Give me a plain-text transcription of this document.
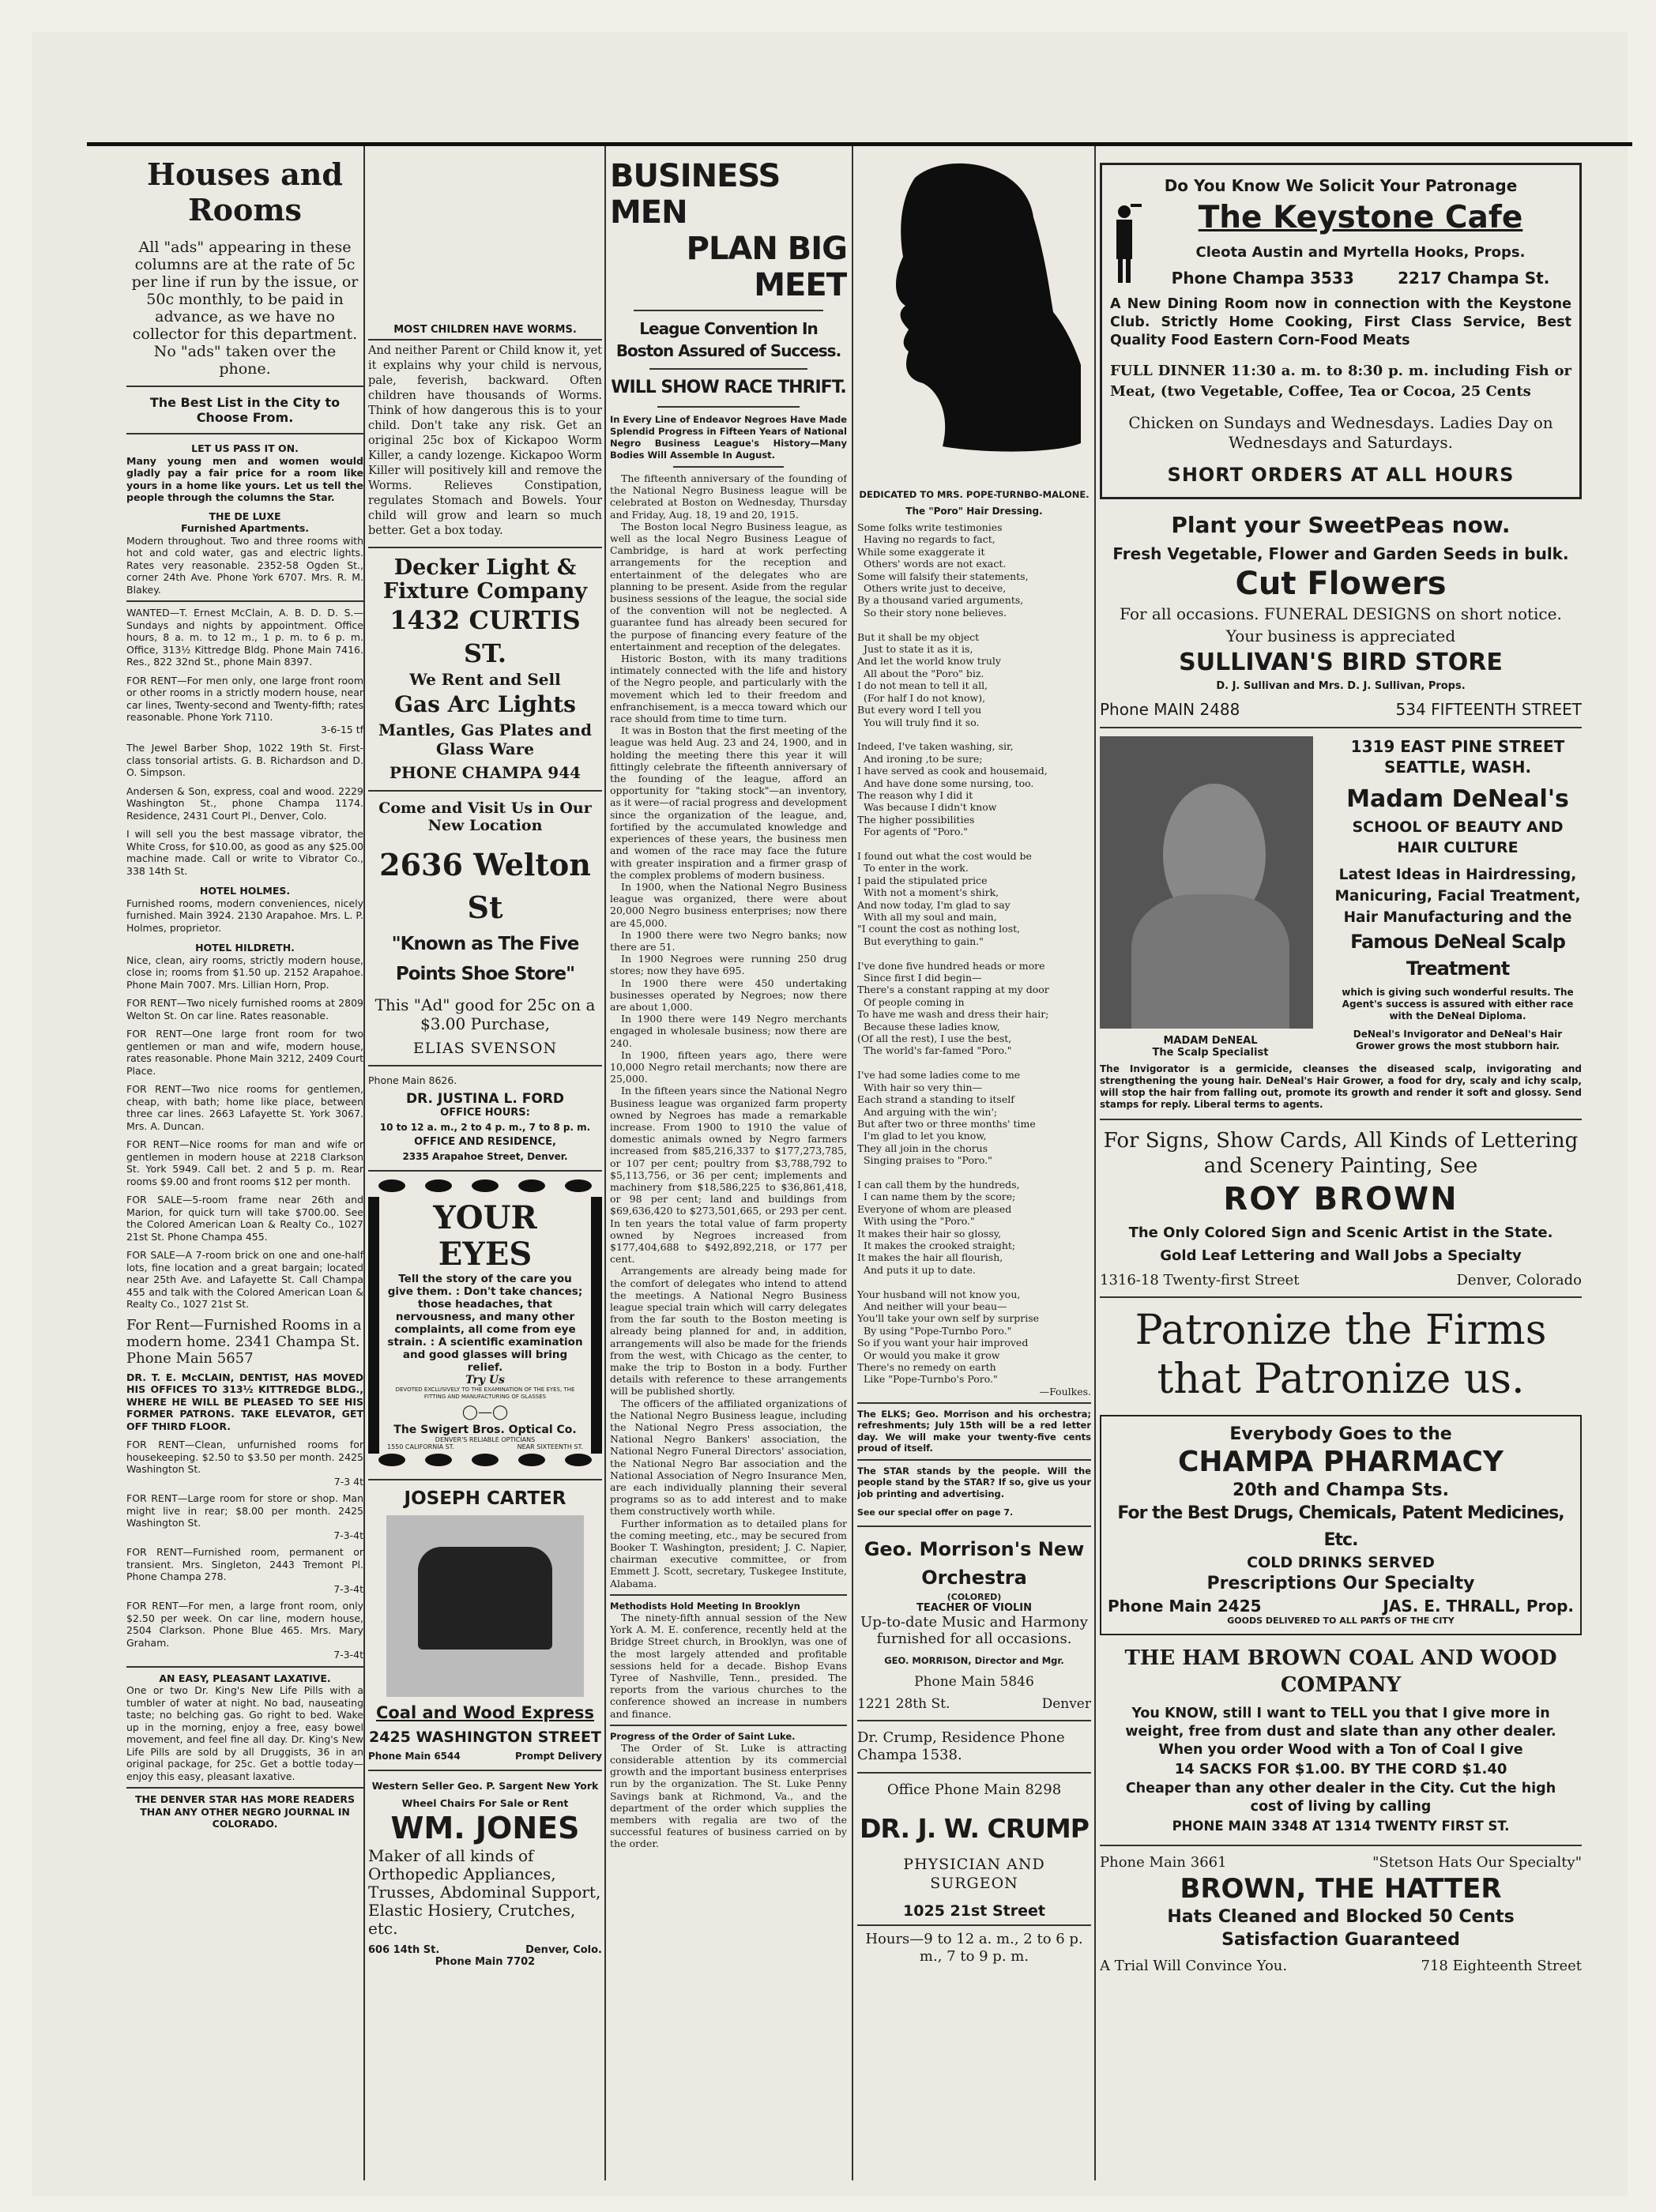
Houses and Rooms
All "ads" appearing in these columns are at the rate of 5c per line if run by the issue, or 50c monthly, to be paid in advance, as we have no collector for this department. No "ads" taken over the phone.
The Best List in the City to Choose From.
LET US PASS IT ON.

Many young men and women would gladly pay a fair price for a room like yours in a home like yours. Let us tell the people through the columns the Star.

THE DE LUXE
Furnished Apartments.
Modern throughout. Two and three rooms with hot and cold water, gas and electric lights. Rates very reasonable. 2352-58 Ogden St., corner 24th Ave. Phone York 6707. Mrs. R. M. Blakey.
WANTED—T. Ernest McClain, A. B. D. D. S.—Sundays and nights by appointment. Office hours, 8 a. m. to 12 m., 1 p. m. to 6 p. m. Office, 313½ Kittredge Bldg. Phone Main 7416. Res., 822 32nd St., phone Main 8397.
FOR RENT—For men only, one large front room or other rooms in a strictly modern house, near car lines, Twenty-second and Twenty-fifth; rates reasonable. Phone York 7110.
3-6-15 tf
The Jewel Barber Shop, 1022 19th St. First-class tonsorial artists. G. B. Richardson and D. O. Simpson.
Andersen & Son, express, coal and wood. 2229 Washington St., phone Champa 1174. Residence, 2431 Court Pl., Denver, Colo.
I will sell you the best massage vibrator, the White Cross, for $10.00, as good as any $25.00 machine made. Call or write to Vibrator Co., 338 14th St.
HOTEL HOLMES.
Furnished rooms, modern conveniences, nicely furnished. Main 3924. 2130 Arapahoe. Mrs. L. P. Holmes, proprietor.
HOTEL HILDRETH.
Nice, clean, airy rooms, strictly modern house, close in; rooms from $1.50 up. 2152 Arapahoe. Phone Main 7007. Mrs. Lillian Horn, Prop.
FOR RENT—Two nicely furnished rooms at 2809 Welton St. On car line. Rates reasonable.
FOR RENT—One large front room for two gentlemen or man and wife, modern house, rates reasonable. Phone Main 3212, 2409 Court Place.
FOR RENT—Two nice rooms for gentlemen, cheap, with bath; home like place, between three car lines. 2663 Lafayette St. York 3067. Mrs. A. Duncan.
FOR RENT—Nice rooms for man and wife or gentlemen in modern house at 2218 Clarkson St. York 5949. Call bet. 2 and 5 p. m. Rear rooms $9.00 and front rooms $12 per month.
FOR SALE—5-room frame near 26th and Marion, for quick turn will take $700.00. See the Colored American Loan & Realty Co., 1027 21st St. Phone Champa 455.
FOR SALE—A 7-room brick on one and one-half lots, fine location and a great bargain; located near 25th Ave. and Lafayette St. Call Champa 455 and talk with the Colored American Loan & Realty Co., 1027 21st St.
For Rent—Furnished Rooms in a modern home. 2341 Champa St. Phone Main 5657
DR. T. E. McCLAIN, DENTIST, HAS MOVED HIS OFFICES TO 313½ KITTREDGE BLDG., WHERE HE WILL BE PLEASED TO SEE HIS FORMER PATRONS. TAKE ELEVATOR, GET OFF THIRD FLOOR.
FOR RENT—Clean, unfurnished rooms for housekeeping. $2.50 to $3.50 per month. 2425 Washington St.
7-3 4t
FOR RENT—Large room for store or shop. Man might live in rear; $8.00 per month. 2425 Washington St.
7-3-4t
FOR RENT—Furnished room, permanent or transient. Mrs. Singleton, 2443 Tremont Pl. Phone Champa 278.
7-3-4t
FOR RENT—For men, a large front room, only $2.50 per week. On car line, modern house, 2504 Clarkson. Phone Blue 465. Mrs. Mary Graham.
7-3-4t
AN EASY, PLEASANT LAXATIVE.
One or two Dr. King's New Life Pills with a tumbler of water at night. No bad, nauseating taste; no belching gas. Go right to bed. Wake up in the morning, enjoy a free, easy bowel movement, and feel fine all day. Dr. King's New Life Pills are sold by all Druggists, 36 in an original package, for 25c. Get a bottle today—enjoy this easy, pleasant laxative.
THE DENVER STAR HAS MORE READERS THAN ANY OTHER NEGRO JOURNAL IN COLORADO.
MOST CHILDREN HAVE WORMS.
And neither Parent or Child know it, yet it explains why your child is nervous, pale, feverish, backward. Often children have thousands of Worms. Think of how dangerous this is to your child. Don't take any risk. Get an original 25c box of Kickapoo Worm Killer, a candy lozenge. Kickapoo Worm Killer will positively kill and remove the Worms. Relieves Constipation, regulates Stomach and Bowels. Your child will grow and learn so much better. Get a box today.
Decker Light & Fixture Company
1432 CURTIS ST.
We Rent and Sell
Gas Arc Lights
Mantles, Gas Plates and Glass Ware
PHONE CHAMPA 944
Come and Visit Us in Our New Location
2636 Welton St
"Known as The Five Points Shoe Store"
This "Ad" good for 25c on a $3.00 Purchase,
ELIAS SVENSON
Phone Main 8626.
DR. JUSTINA L. FORD
OFFICE HOURS:
10 to 12 a. m., 2 to 4 p. m., 7 to 8 p. m.
OFFICE AND RESIDENCE,
2335 Arapahoe Street, Denver.
YOUR EYES
Tell the story of the care you give them. : Don't take chances; those headaches, that nervousness, and many other complaints, all come from eye strain. : A scientific examination and good glasses will bring relief.
Try Us
DEVOTED EXCLUSIVELY TO THE EXAMINATION OF THE EYES, THE FITTING AND MANUFACTURING OF GLASSES
◯—◯
The Swigert Bros. Optical Co.
DENVER'S RELIABLE OPTICIANS
1550 CALIFORNIA ST.	NEAR SIXTEENTH ST.
JOSEPH CARTER
Coal and Wood Express
2425 WASHINGTON STREET
Phone Main 6544	Prompt Delivery
Western Seller Geo. P. Sargent New York
Wheel Chairs For Sale or Rent
WM. JONES
Maker of all kinds of Orthopedic Appliances, Trusses, Abdominal Support, Elastic Hosiery, Crutches, etc.
606 14th St.	Denver, Colo.
Phone Main 7702
BUSINESS MEN
PLAN BIG MEET
League Convention In Boston Assured of Success.
WILL SHOW RACE THRIFT.
In Every Line of Endeavor Negroes Have Made Splendid Progress in Fifteen Years of National Negro Business League's History—Many Bodies Will Assemble In August.

The fifteenth anniversary of the founding of the National Negro Business league will be celebrated at Boston on Wednesday, Thursday and Friday, Aug. 18, 19 and 20, 1915.

The Boston local Negro Business league, as well as the local Negro Business League of Cambridge, is hard at work perfecting arrangements for the reception and entertainment of the delegates who are planning to be present. Aside from the regular business sessions of the league, the social side of the convention will not be neglected. A guarantee fund has already been secured for the purpose of financing every feature of the entertainment and reception of the delegates.

Historic Boston, with its many traditions intimately connected with the life and history of the Negro people, and particularly with the movement which led to their freedom and enfranchisement, is a mecca toward which our race should from time to time turn.

It was in Boston that the first meeting of the league was held Aug. 23 and 24, 1900, and in holding the meeting there this year it will fittingly celebrate the fifteenth anniversary of the founding of the league, afford an opportunity for "taking stock"—an inventory, as it were—of racial progress and development since the organization of the league, and, fortified by the accumulated knowledge and experiences of these years, the business men and women of the race may face the future with greater inspiration and a firmer grasp of the complex problems of modern business.

In 1900, when the National Negro Business league was organized, there were about 20,000 Negro business enterprises; now there are 45,000.

In 1900 there were two Negro banks; now there are 51.

In 1900 Negroes were running 250 drug stores; now they have 695.

In 1900 there were 450 undertaking businesses operated by Negroes; now there are about 1,000.

In 1900 there were 149 Negro merchants engaged in wholesale business; now there are 240.

In 1900, fifteen years ago, there were 10,000 Negro retail merchants; now there are 25,000.

In the fifteen years since the National Negro Business league was organized farm property owned by Negroes has made a remarkable increase. From 1900 to 1910 the value of domestic animals owned by Negro farmers increased from $85,216,337 to $177,273,785, or 107 per cent; poultry from $3,788,792 to $5,113,756, or 36 per cent; implements and machinery from $18,586,225 to $36,861,418, or 98 per cent; land and buildings from $69,636,420 to $273,501,665, or 293 per cent. In ten years the total value of farm property owned by Negroes increased from $177,404,688 to $492,892,218, or 177 per cent.

Arrangements are already being made for the comfort of delegates who intend to attend the meetings. A National Negro Business league special train which will carry delegates from the far south to the Boston meeting is already being planned for and, in addition, arrangements will also be made for the friends from the west, with Chicago as the center, to make the trip to Boston in a body. Further details with reference to these arrangements will be published shortly.

The officers of the affiliated organizations of the National Negro Business league, including the National Negro Press association, the National Negro Bankers' association, the National Negro Funeral Directors' association, the National Negro Bar association and the National Association of Negro Insurance Men, are each individually planning their several programs so as to add interest and to make them constructively worth while.

Further information as to detailed plans for the coming meeting, etc., may be secured from Booker T. Washington, president; J. C. Napier, chairman executive committee, or from Emmett J. Scott, secretary, Tuskegee Institute, Alabama.

Methodists Hold Meeting In Brooklyn

The ninety-fifth annual session of the New York A. M. E. conference, recently held at the Bridge Street church, in Brooklyn, was one of the most largely attended and profitable sessions held for a decade. Bishop Evans Tyree of Nashville, Tenn., presided. The reports from the various churches to the conference showed an increase in numbers and finance.

Progress of the Order of Saint Luke.

The Order of St. Luke is attracting considerable attention by its commercial growth and the important business enterprises run by the organization. The St. Luke Penny Savings bank at Richmond, Va., and the department of the order which supplies the members with regalia are two of the successful features of business carried on by the order.

DEDICATED TO MRS. POPE-TURNBO-MALONE.
The "Poro" Hair Dressing.
Some folks write testimonies
Having no regards to fact,
While some exaggerate it
Others' words are not exact.
Some will falsify their statements,
Others write just to deceive,
By a thousand varied arguments,
So their story none believes.

But it shall be my object
Just to state it as it is,
And let the world know truly
All about the "Poro" biz.
I do not mean to tell it all,
(For half I do not know),
But every word I tell you
You will truly find it so.

Indeed, I've taken washing, sir,
And ironing ,to be sure;
I have served as cook and housemaid,
And have done some nursing, too.
The reason why I did it
Was because I didn't know
The higher possibilities
For agents of "Poro."

I found out what the cost would be
To enter in the work.
I paid the stipulated price
With not a moment's shirk,
And now today, I'm glad to say
With all my soul and main,
"I count the cost as nothing lost,
But everything to gain."

I've done five hundred heads or more
Since first I did begin—
There's a constant rapping at my door
Of people coming in
To have me wash and dress their hair;
Because these ladies know,
(Of all the rest), I use the best,
The world's far-famed "Poro."

I've had some ladies come to me
With hair so very thin—
Each strand a standing to itself
And arguing with the win';
But after two or three months' time
I'm glad to let you know,
They all join in the chorus
Singing praises to "Poro."

I can call them by the hundreds,
I can name them by the score;
Everyone of whom are pleased
With using the "Poro."
It makes their hair so glossy,
It makes the crooked straight;
It makes the hair all flourish,
And puts it up to date.

Your husband will not know you,
And neither will your beau—
You'll take your own self by surprise
By using "Pope-Turnbo Poro."
So if you want your hair improved
Or would you make it grow
There's no remedy on earth
Like "Pope-Turnbo's Poro."
—Foulkes.
The ELKS; Geo. Morrison and his orchestra; refreshments; July 15th will be a red letter day. We will make your twenty-five cents proud of itself.
The STAR stands by the people. Will the people stand by the STAR? If so, give us your job printing and advertising.
See our special offer on page 7.
Geo. Morrison's New Orchestra
(COLORED)
TEACHER OF VIOLIN
Up-to-date Music and Harmony furnished for all occasions.
GEO. MORRISON, Director and Mgr.
Phone Main 5846
1221 28th St.	Denver
Dr. Crump, Residence Phone Champa 1538.
Office Phone Main 8298
DR. J. W. CRUMP
PHYSICIAN AND SURGEON
1025 21st Street
Hours—9 to 12 a. m., 2 to 6 p. m., 7 to 9 p. m.
Do You Know We Solicit Your Patronage
The Keystone Cafe
Cleota Austin and Myrtella Hooks, Props.
Phone Champa 3533	2217 Champa St.
A New Dining Room now in connection with the Keystone Club. Strictly Home Cooking, First Class Service, Best Quality Food Eastern Corn-Food Meats
FULL DINNER 11:30 a. m. to 8:30 p. m. including Fish or Meat, (two Vegetable, Coffee, Tea or Cocoa, 25 Cents
Chicken on Sundays and Wednesdays. Ladies Day on Wednesdays and Saturdays.
SHORT ORDERS AT ALL HOURS
Plant your SweetPeas now.
Fresh Vegetable, Flower and Garden Seeds in bulk.
Cut Flowers
For all occasions. FUNERAL DESIGNS on short notice.
Your business is appreciated
SULLIVAN'S BIRD STORE
D. J. Sullivan and Mrs. D. J. Sullivan, Props.
Phone MAIN 2488	534 FIFTEENTH STREET
MADAM DeNEAL
The Scalp Specialist
1319 EAST PINE STREET SEATTLE, WASH.
Madam DeNeal's
SCHOOL OF BEAUTY AND HAIR CULTURE
Latest Ideas in Hairdressing, Manicuring, Facial Treatment, Hair Manufacturing and the
Famous DeNeal Scalp Treatment
which is giving such wonderful results. The Agent's success is assured with either race with the DeNeal Diploma.
DeNeal's Invigorator and DeNeal's Hair Grower grows the most stubborn hair.
The Invigorator is a germicide, cleanses the diseased scalp, invigorating and strengthening the young hair. DeNeal's Hair Grower, a food for dry, scaly and ichy scalp, will stop the hair from falling out, promote its growth and render it soft and glossy. Send stamps for reply. Liberal terms to agents.
For Signs, Show Cards, All Kinds of Lettering and Scenery Painting, See
ROY BROWN
The Only Colored Sign and Scenic Artist in the State.
Gold Leaf Lettering and Wall Jobs a Specialty
1316-18 Twenty-first Street	Denver, Colorado
Patronize the Firms that Patronize us.
Everybody Goes to the
CHAMPA PHARMACY
20th and Champa Sts.
For the Best Drugs, Chemicals, Patent Medicines, Etc.
COLD DRINKS SERVED
Prescriptions Our Specialty
Phone Main 2425	JAS. E. THRALL, Prop.
GOODS DELIVERED TO ALL PARTS OF THE CITY
THE HAM BROWN COAL AND WOOD COMPANY
You KNOW, still I want to TELL you that I give more in weight, free from dust and slate than any other dealer. When you order Wood with a Ton of Coal I give
14 SACKS FOR $1.00. BY THE CORD $1.40
Cheaper than any other dealer in the City. Cut the high cost of living by calling
PHONE MAIN 3348 AT 1314 TWENTY FIRST ST.
Phone Main 3661	"Stetson Hats Our Specialty"
BROWN, THE HATTER
Hats Cleaned and Blocked 50 Cents
Satisfaction Guaranteed
A Trial Will Convince You.	718 Eighteenth Street
